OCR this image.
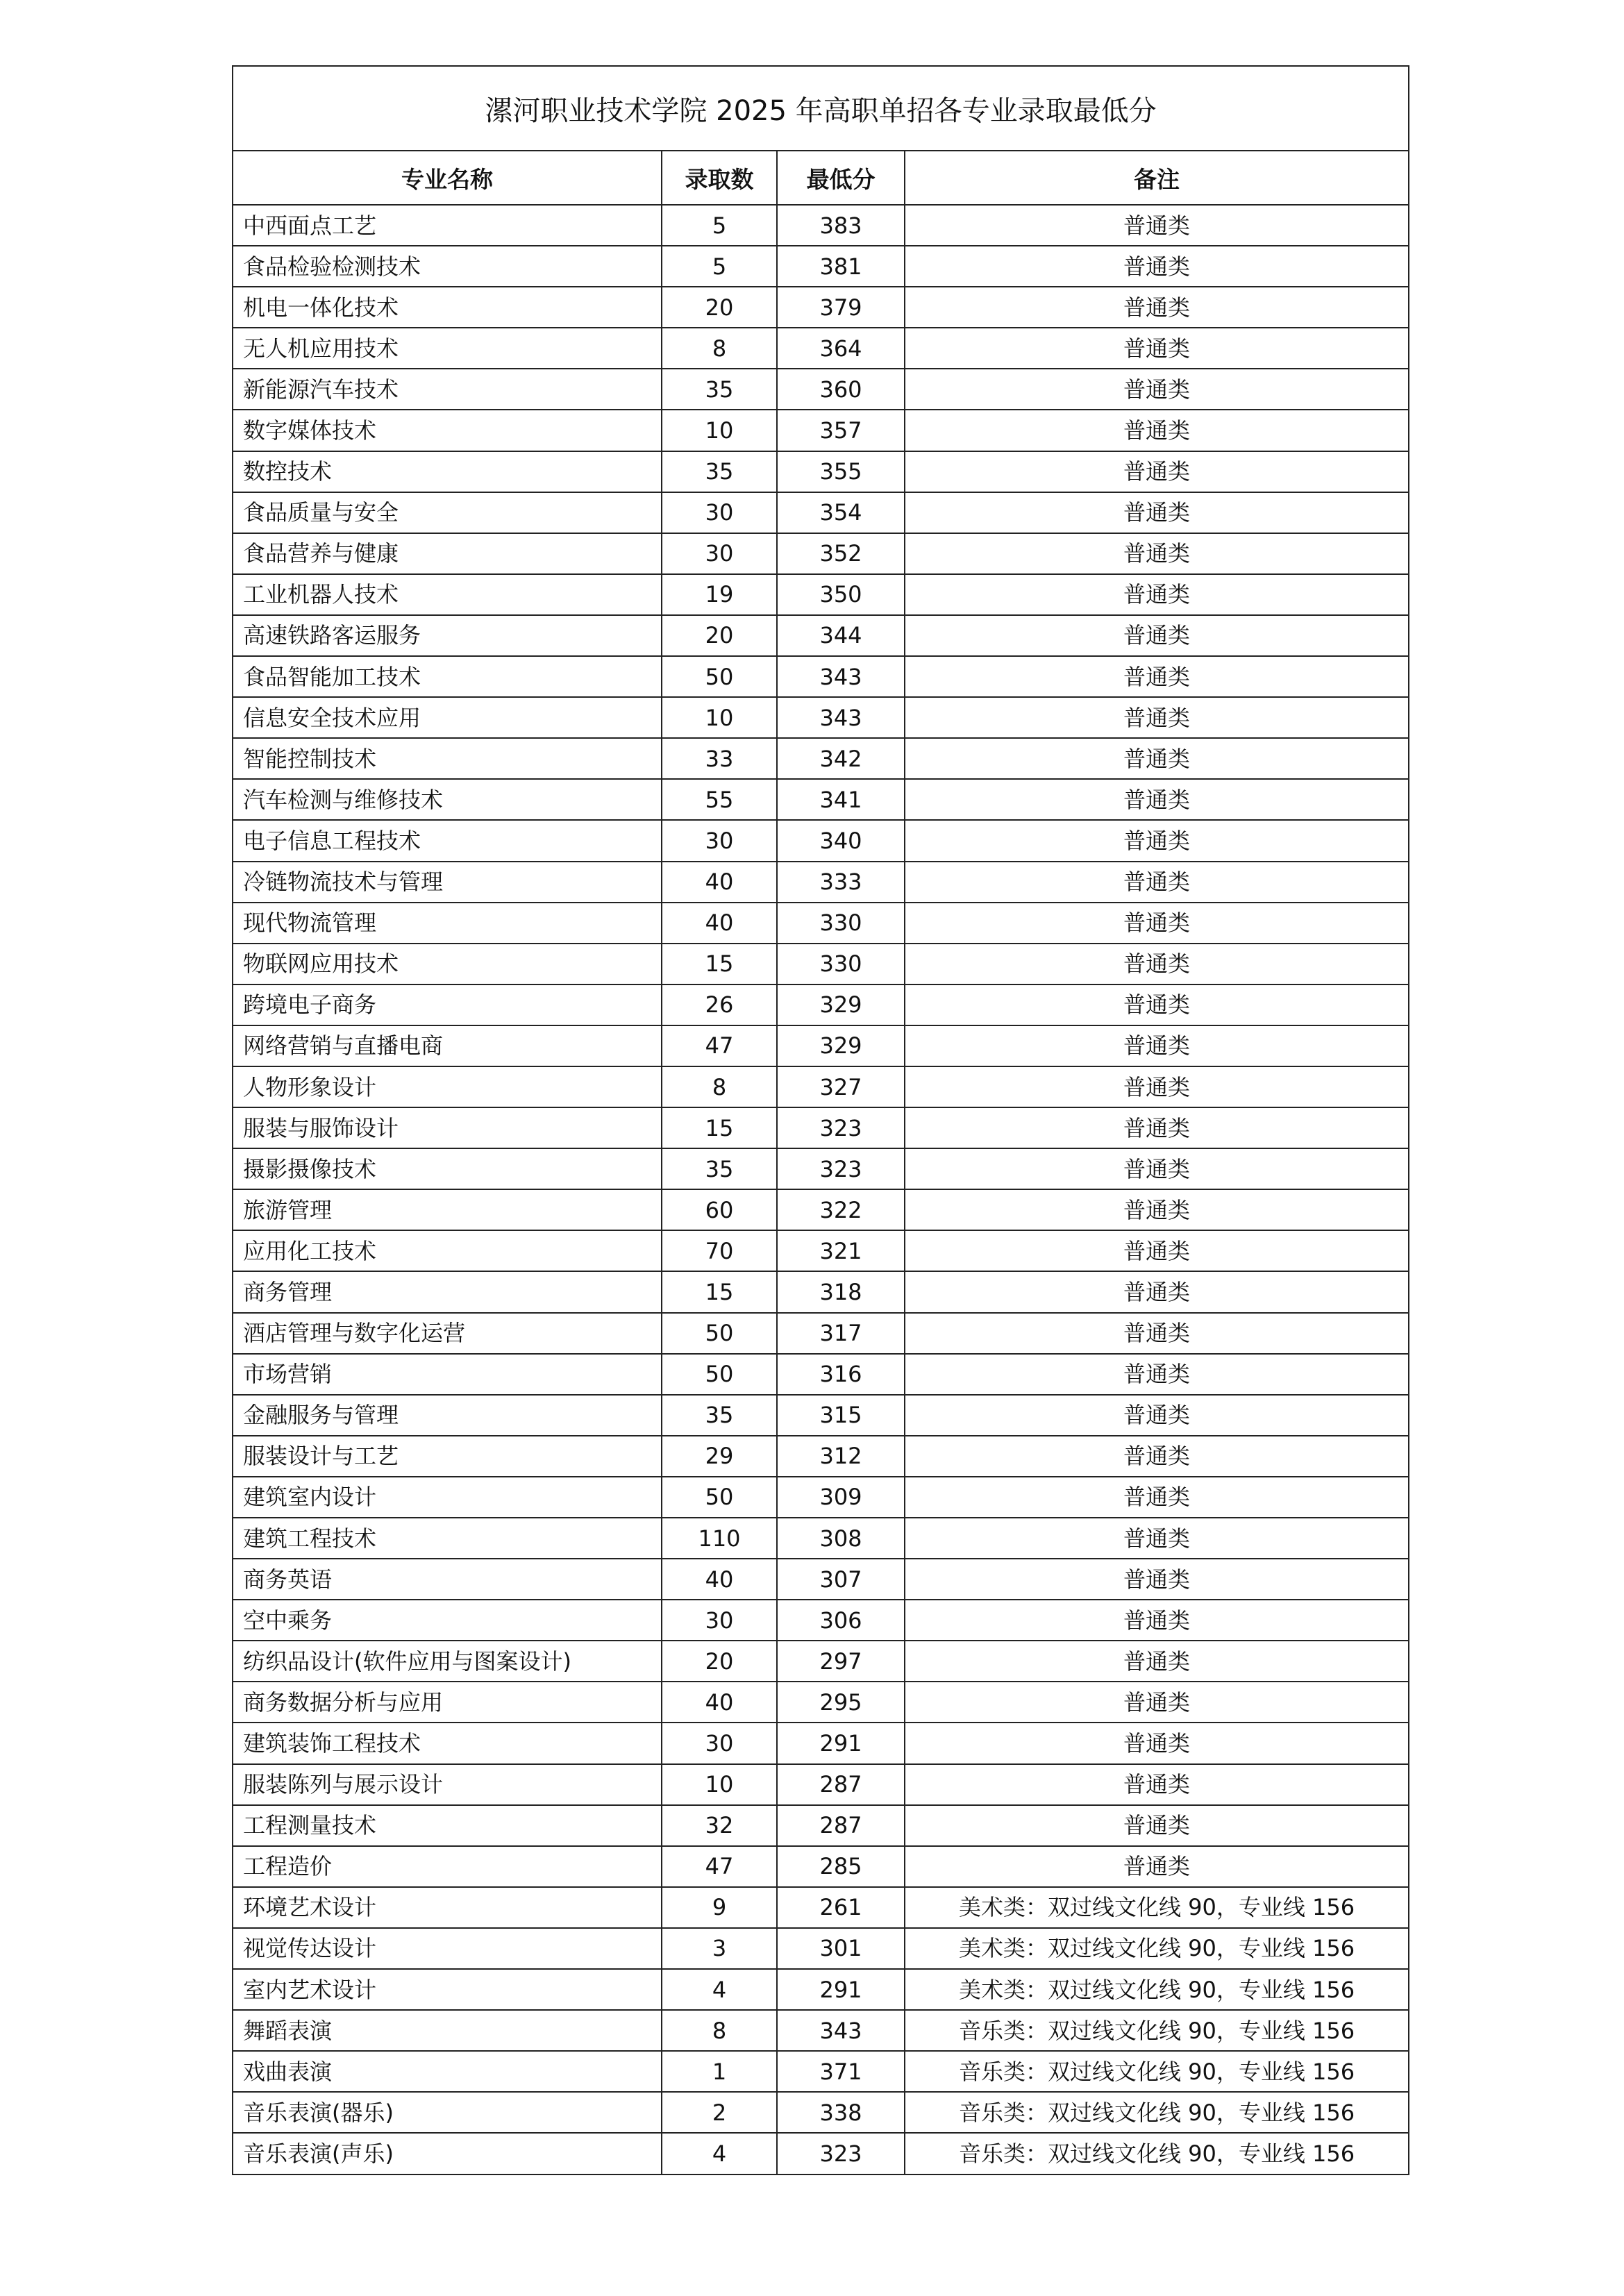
漯河职业技术学院 2025 年高职单招各专业录取最低分			
专业名称	录取数	最低分	备注
中西面点工艺	5	383	普通类
食品检验检测技术	5	381	普通类
机电一体化技术	20	379	普通类
无人机应用技术	8	364	普通类
新能源汽车技术	35	360	普通类
数字媒体技术	10	357	普通类
数控技术	35	355	普通类
食品质量与安全	30	354	普通类
食品营养与健康	30	352	普通类
工业机器人技术	19	350	普通类
高速铁路客运服务	20	344	普通类
食品智能加工技术	50	343	普通类
信息安全技术应用	10	343	普通类
智能控制技术	33	342	普通类
汽车检测与维修技术	55	341	普通类
电子信息工程技术	30	340	普通类
冷链物流技术与管理	40	333	普通类
现代物流管理	40	330	普通类
物联网应用技术	15	330	普通类
跨境电子商务	26	329	普通类
网络营销与直播电商	47	329	普通类
人物形象设计	8	327	普通类
服装与服饰设计	15	323	普通类
摄影摄像技术	35	323	普通类
旅游管理	60	322	普通类
应用化工技术	70	321	普通类
商务管理	15	318	普通类
酒店管理与数字化运营	50	317	普通类
市场营销	50	316	普通类
金融服务与管理	35	315	普通类
服装设计与工艺	29	312	普通类
建筑室内设计	50	309	普通类
建筑工程技术	110	308	普通类
商务英语	40	307	普通类
空中乘务	30	306	普通类
纺织品设计(软件应用与图案设计)	20	297	普通类
商务数据分析与应用	40	295	普通类
建筑装饰工程技术	30	291	普通类
服装陈列与展示设计	10	287	普通类
工程测量技术	32	287	普通类
工程造价	47	285	普通类
环境艺术设计	9	261	美术类：双过线文化线 90，专业线 156
视觉传达设计	3	301	美术类：双过线文化线 90，专业线 156
室内艺术设计	4	291	美术类：双过线文化线 90，专业线 156
舞蹈表演	8	343	音乐类：双过线文化线 90，专业线 156
戏曲表演	1	371	音乐类：双过线文化线 90，专业线 156
音乐表演(器乐)	2	338	音乐类：双过线文化线 90，专业线 156
音乐表演(声乐)	4	323	音乐类：双过线文化线 90，专业线 156
